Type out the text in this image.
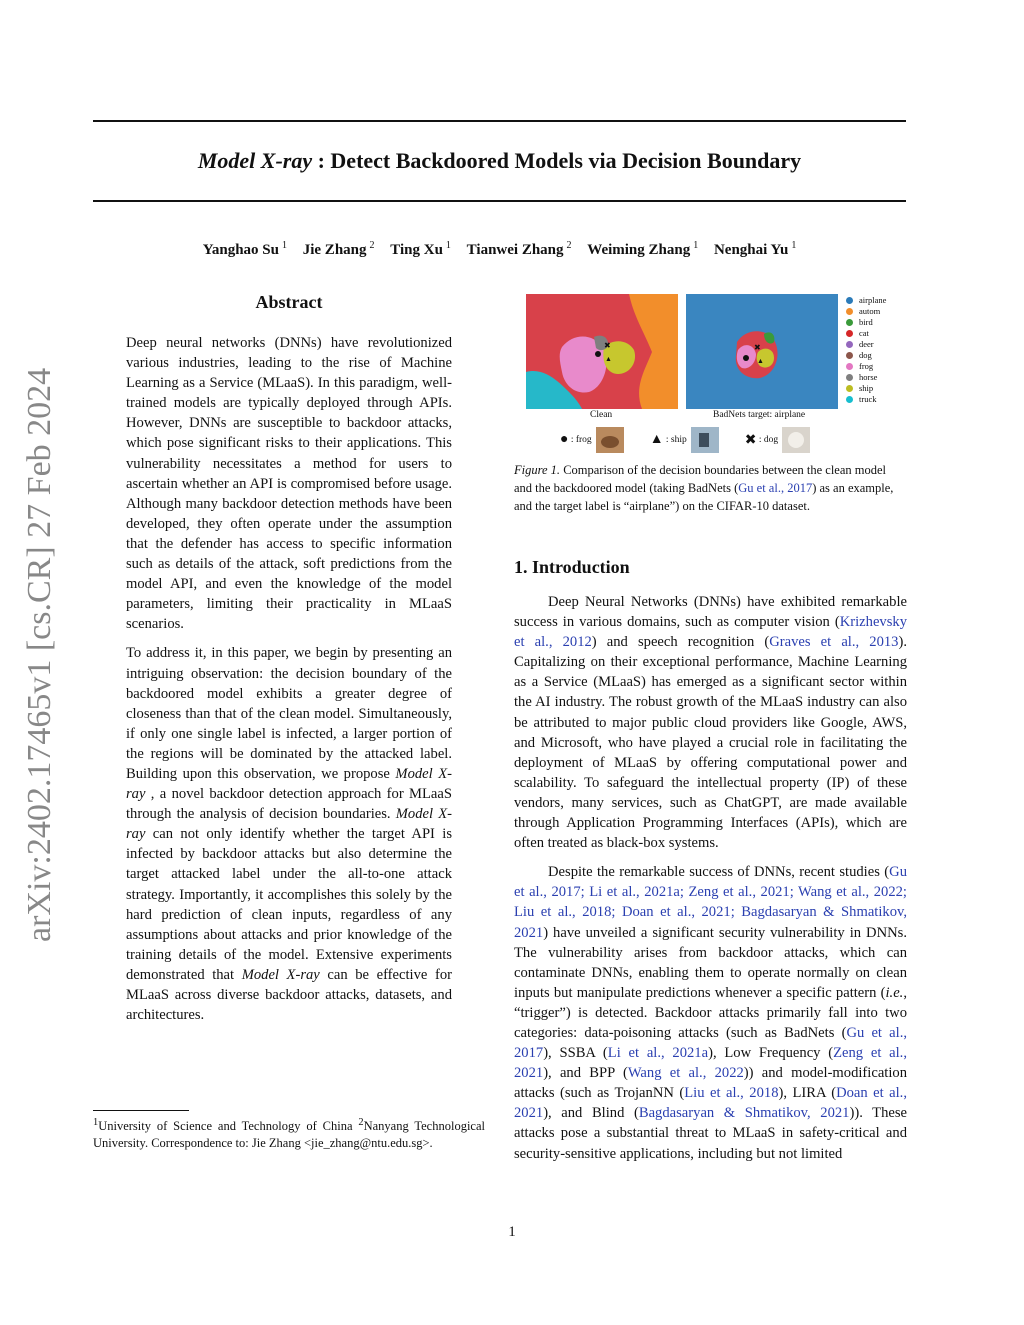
arXiv:2402.17465v1 [cs.CR] 27 Feb 2024
Model X-ray : Detect Backdoored Models via Decision Boundary
Yanghao Su $^1$ Jie Zhang $^2$ Ting Xu $^1$ Tianwei Zhang $^2$ Weiming Zhang $^1$ Nenghai Yu $^1$
Abstract

Deep neural networks (DNNs) have revolutionized various industries, leading to the rise of Machine Learning as a Service (MLaaS). In this paradigm, well-trained models are typically deployed through APIs. However, DNNs are susceptible to backdoor attacks, which pose significant risks to their applications. This vulnerability necessitates a method for users to ascertain whether an API is compromised before usage. Although many backdoor detection methods have been developed, they often operate under the assumption that the defender has access to specific information such as details of the attack, soft predictions from the model API, and even the knowledge of the model parameters, limiting their practicality in MLaaS scenarios.

To address it, in this paper, we begin by presenting an intriguing observation: the decision boundary of the backdoored model exhibits a greater degree of closeness than that of the clean model. Simultaneously, if only one single label is infected, a larger portion of the regions will be dominated by the attacked label. Building upon this observation, we propose Model X-ray , a novel backdoor detection approach for MLaaS through the analysis of decision boundaries. Model X-ray can not only identify whether the target API is infected by backdoor attacks but also determine the target attacked label under the all-to-one attack strategy. Importantly, it accomplishes this solely by the hard prediction of clean inputs, regardless of any assumptions about attacks and prior knowledge of the training details of the model. Extensive experiments demonstrated that Model X-ray can be effective for MLaaS across diverse backdoor attacks, datasets, and architectures.

$^1$University of Science and Technology of China $^2$Nanyang Technological University. Correspondence to: Jie Zhang <jie_zhang@ntu.edu.sg>.
✖
▲
✖
▲
Clean	BadNets target: airplane
airplane
autom
bird
cat
deer
dog
frog
horse
ship
truck
●
: frog	▲
: ship	✖
: dog
Figure 1. Comparison of the decision boundaries between the clean model and the backdoored model (taking BadNets (Gu et al., 2017) as an example, and the target label is “airplane”) on the CIFAR-10 dataset.
1. Introduction

Deep Neural Networks (DNNs) have exhibited remarkable success in various domains, such as computer vision (Krizhevsky et al., 2012) and speech recognition (Graves et al., 2013). Capitalizing on their exceptional performance, Machine Learning as a Service (MLaaS) has emerged as a significant sector within the AI industry. The robust growth of the MLaaS industry can also be attributed to major public cloud providers like Google, AWS, and Microsoft, who have played a crucial role in facilitating the deployment of MLaaS by offering computational power and scalability. To safeguard the intellectual property (IP) of these vendors, many services, such as ChatGPT, are made available through Application Programming Interfaces (APIs), which are often treated as black-box systems.

Despite the remarkable success of DNNs, recent studies (Gu et al., 2017; Li et al., 2021a; Zeng et al., 2021; Wang et al., 2022; Liu et al., 2018; Doan et al., 2021; Bagdasaryan & Shmatikov, 2021) have unveiled a significant security vulnerability in DNNs. The vulnerability arises from backdoor attacks, which can contaminate DNNs, enabling them to operate normally on clean inputs but manipulate predictions whenever a specific pattern (i.e., “trigger”) is detected. Backdoor attacks primarily fall into two categories: data-poisoning attacks (such as BadNets (Gu et al., 2017), SSBA (Li et al., 2021a), Low Frequency (Zeng et al., 2021), and BPP (Wang et al., 2022)) and model-modification attacks (such as TrojanNN (Liu et al., 2018), LIRA (Doan et al., 2021), and Blind (Bagdasaryan & Shmatikov, 2021)). These attacks pose a substantial threat to MLaaS in safety-critical and security-sensitive applications, including but not limited

1
